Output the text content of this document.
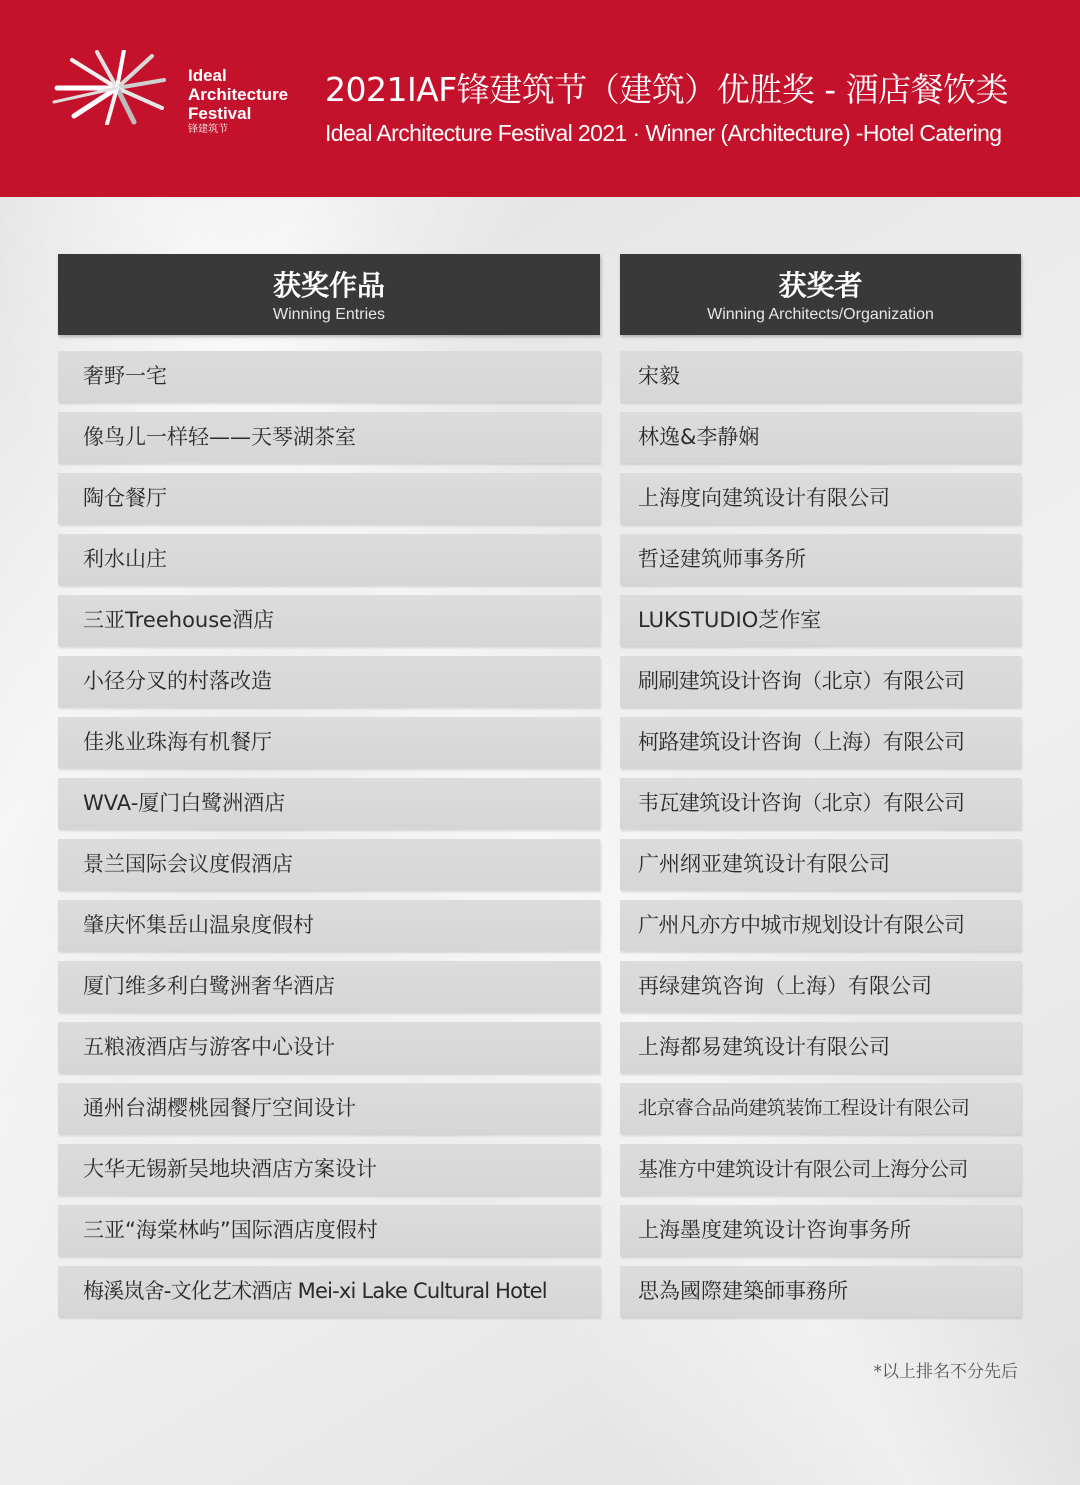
Ideal
Architecture
Festival
锋建筑节
2021IAF锋建筑节（建筑）优胜奖 - 酒店餐饮类
Ideal Architecture Festival 2021 · Winner (Architecture) -Hotel Catering
获奖作品
Winning Entries
获奖者
Winning Architects/Organization
奢野一宅	宋毅
像鸟儿一样轻——天琴湖茶室	林逸&李静娴
陶仓餐厅	上海度向建筑设计有限公司
利水山庄	哲迳建筑师事务所
三亚Treehouse酒店	LUKSTUDIO芝作室
小径分叉的村落改造	刷刷建筑设计咨询（北京）有限公司
佳兆业珠海有机餐厅	柯路建筑设计咨询（上海）有限公司
WVA-厦门白鹭洲酒店	韦瓦建筑设计咨询（北京）有限公司
景兰国际会议度假酒店	广州纲亚建筑设计有限公司
肇庆怀集岳山温泉度假村	广州凡亦方中城市规划设计有限公司
厦门维多利白鹭洲奢华酒店	再绿建筑咨询（上海）有限公司
五粮液酒店与游客中心设计	上海都易建筑设计有限公司
通州台湖樱桃园餐厅空间设计	北京睿合品尚建筑装饰工程设计有限公司
大华无锡新吴地块酒店方案设计	基准方中建筑设计有限公司上海分公司
三亚“海棠林屿”国际酒店度假村	上海墨度建筑设计咨询事务所
梅溪岚舍-文化艺术酒店 Mei-xi Lake Cultural Hotel	思為國際建築師事務所
*以上排名不分先后
